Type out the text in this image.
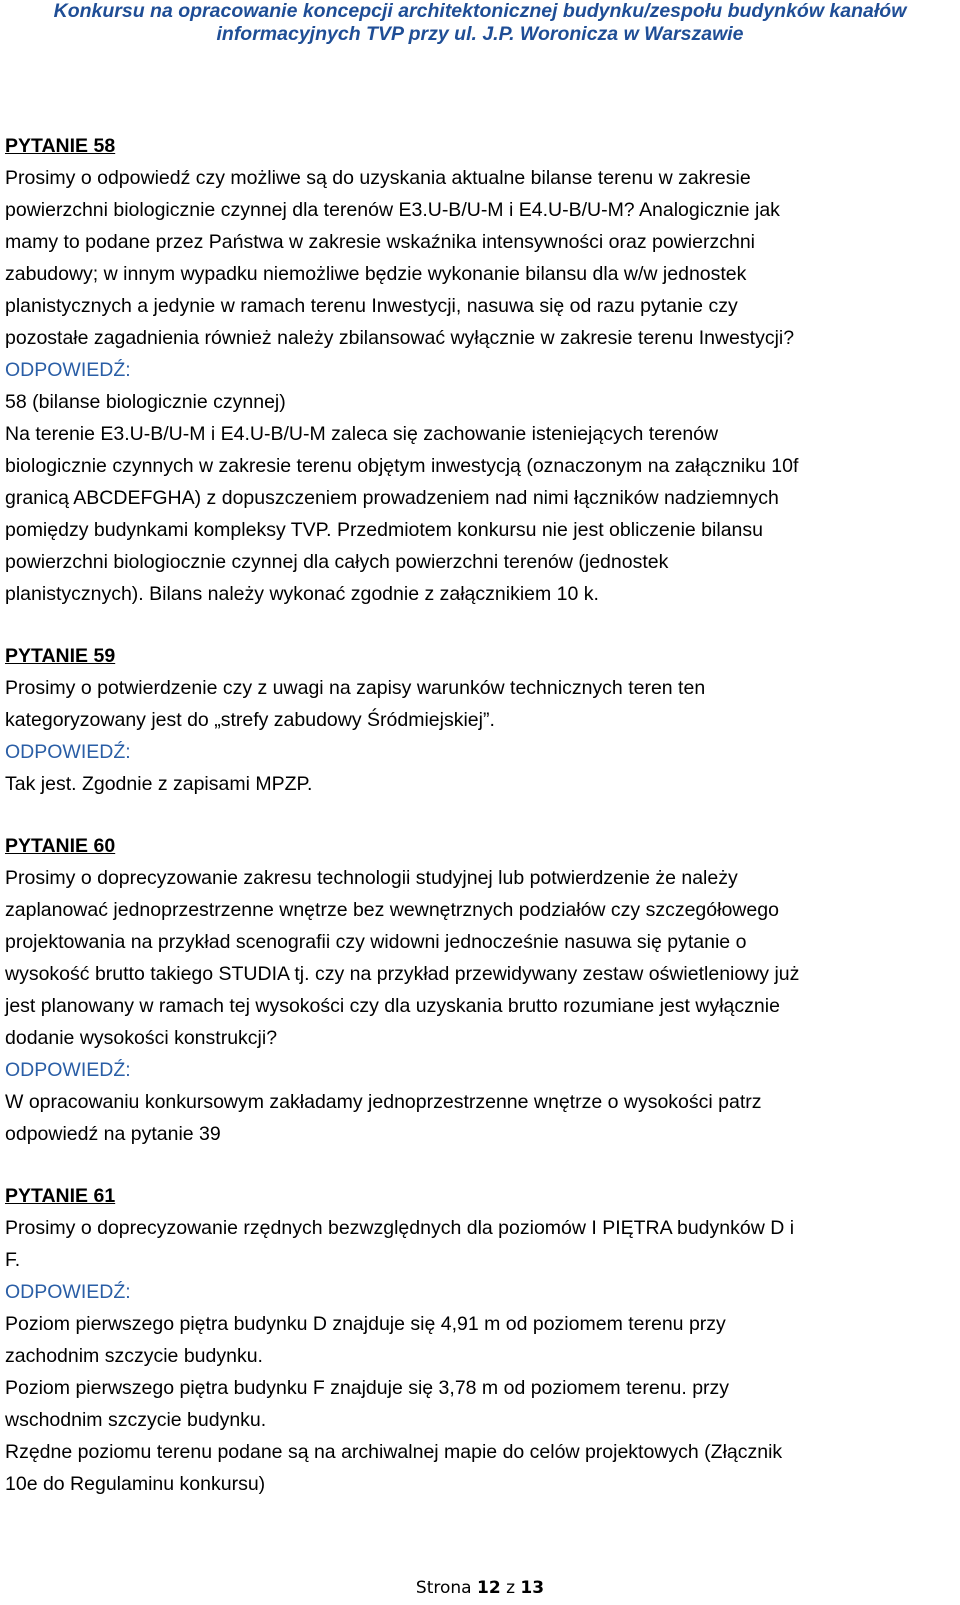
Konkursu na opracowanie koncepcji architektonicznej budynku/zespołu budynków kanałów
informacyjnych TVP przy ul. J.P. Woronicza w Warszawie
PYTANIE 58
Prosimy o odpowiedź czy możliwe są do uzyskania aktualne bilanse terenu w zakresie
powierzchni biologicznie czynnej dla terenów E3.U-B/U-M i E4.U-B/U-M? Analogicznie jak
mamy to podane przez Państwa w zakresie wskaźnika intensywności oraz powierzchni
zabudowy; w innym wypadku niemożliwe będzie wykonanie bilansu dla w/w jednostek
planistycznych a jedynie w ramach terenu Inwestycji, nasuwa się od razu pytanie czy
pozostałe zagadnienia również należy zbilansować wyłącznie w zakresie terenu Inwestycji?
ODPOWIEDŹ:
58 (bilanse biologicznie czynnej)
Na terenie E3.U-B/U-M i E4.U-B/U-M zaleca się zachowanie isteniejących terenów
biologicznie czynnych w zakresie terenu objętym inwestycją (oznaczonym na załączniku 10f
granicą ABCDEFGHA) z dopuszczeniem prowadzeniem nad nimi łączników nadziemnych
pomiędzy budynkami kompleksy TVP. Przedmiotem konkursu nie jest obliczenie bilansu
powierzchni biologiocznie czynnej dla całych powierzchni terenów (jednostek
planistycznych). Bilans należy wykonać zgodnie z załącznikiem 10 k.
PYTANIE 59
Prosimy o potwierdzenie czy z uwagi na zapisy warunków technicznych teren ten
kategoryzowany jest do „strefy zabudowy Śródmiejskiej”.
ODPOWIEDŹ:
Tak jest. Zgodnie z zapisami MPZP.
PYTANIE 60
Prosimy o doprecyzowanie zakresu technologii studyjnej lub potwierdzenie że należy
zaplanować jednoprzestrzenne wnętrze bez wewnętrznych podziałów czy szczegółowego
projektowania na przykład scenografii czy widowni jednocześnie nasuwa się pytanie o
wysokość brutto takiego STUDIA tj. czy na przykład przewidywany zestaw oświetleniowy już
jest planowany w ramach tej wysokości czy dla uzyskania brutto rozumiane jest wyłącznie
dodanie wysokości konstrukcji?
ODPOWIEDŹ:
W opracowaniu konkursowym zakładamy jednoprzestrzenne wnętrze o wysokości patrz
odpowiedź na pytanie 39
PYTANIE 61
Prosimy o doprecyzowanie rzędnych bezwzględnych dla poziomów I PIĘTRA budynków D i
F.
ODPOWIEDŹ:
Poziom pierwszego piętra budynku D znajduje się 4,91 m od poziomem terenu przy
zachodnim szczycie budynku.
Poziom pierwszego piętra budynku F znajduje się 3,78 m od poziomem terenu. przy
wschodnim szczycie budynku.
Rzędne poziomu terenu podane są na archiwalnej mapie do celów projektowych (Złącznik
10e do Regulaminu konkursu)
Strona 12 z 13
